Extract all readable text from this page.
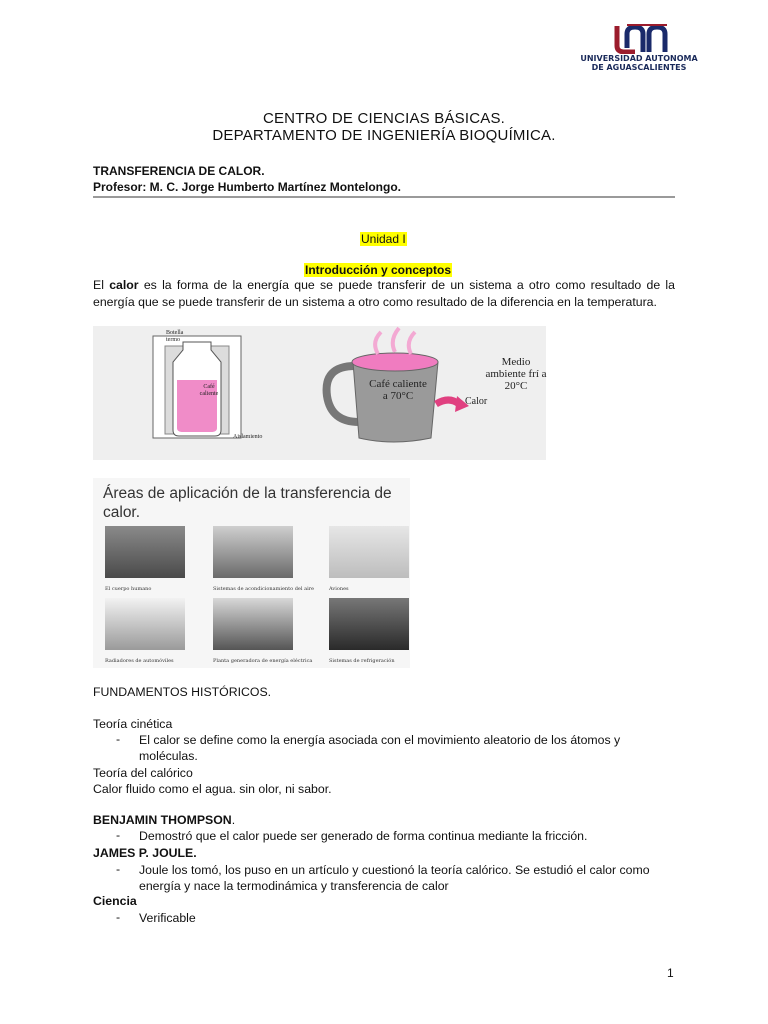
UNIVERSIDAD AUTONOMA
DE AGUASCALIENTES
CENTRO DE CIENCIAS BÁSICAS.
DEPARTAMENTO DE INGENIERÍA BIOQUÍMICA.
TRANSFERENCIA DE CALOR.
Profesor: M. C. Jorge Humberto Martínez Montelongo.
Unidad I
Introducción y conceptos
El calor es la forma de la energía que se puede transferir de un sistema a otro como resultado de la energía que se puede transferir de un sistema a otro como resultado de la diferencia en la temperatura.
Botella termo
Café caliente
Aislamiento
Café caliente a 70°C	Calor
Medio ambiente frí a 20°C
Áreas de aplicación de la transferencia de calor.
El cuerpo humano	Sistemas de acondicionamiento del aire	Aviones
Radiadores de automóviles	Planta generadora de energía eléctrica	Sistemas de refrigeración
FUNDAMENTOS HISTÓRICOS.
Teoría cinética
- El calor se define como la energía asociada con el movimiento aleatorio de los átomos y moléculas.
Teoría del calórico
Calor fluido como el agua. sin olor, ni sabor.
BENJAMIN THOMPSON.
- Demostró que el calor puede ser generado de forma continua mediante la fricción.
JAMES P. JOULE.
- Joule los tomó, los puso en un artículo y cuestionó la teoría calórico. Se estudió el calor como energía y nace la termodinámica y transferencia de calor
Ciencia
- Verificable
1
